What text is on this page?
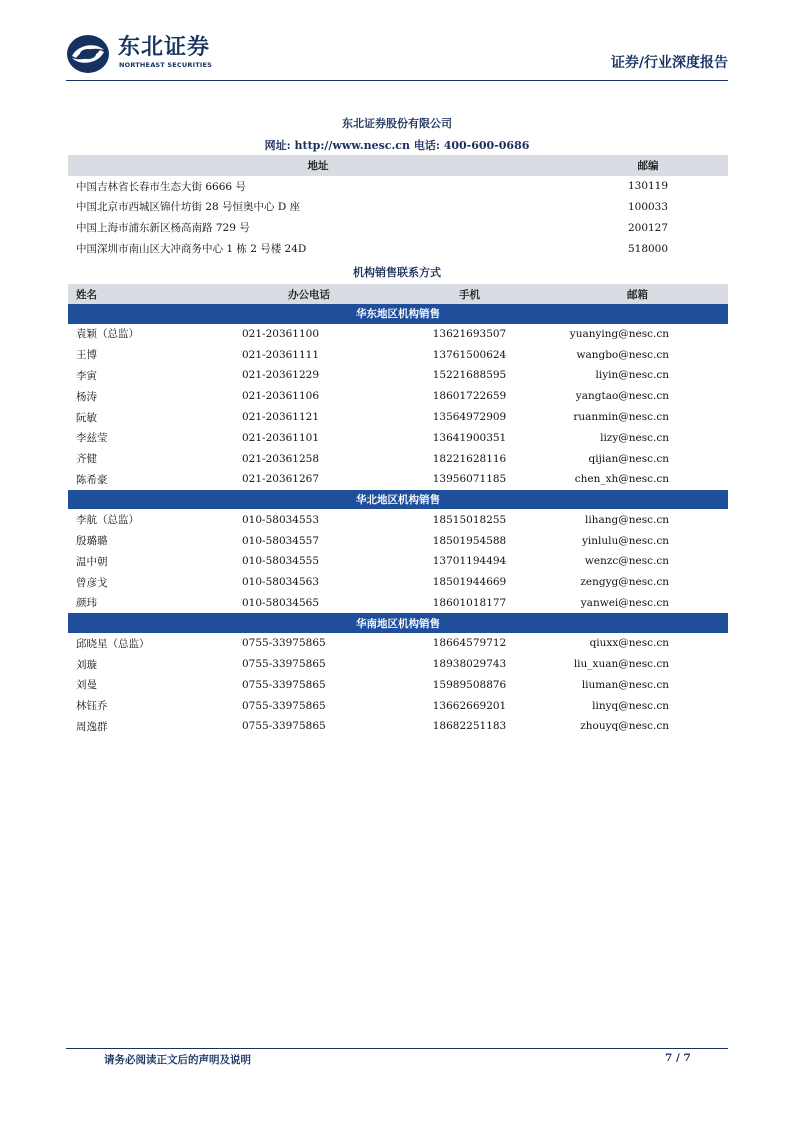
东北证券
NORTHEAST SECURITIES	证券/行业深度报告
东北证券股份有限公司
网址: http://www.nesc.cn 电话: 400-600-0686
地址	邮编
中国吉林省长春市生态大街 6666 号	130119
中国北京市西城区锦什坊街 28 号恒奥中心 D 座	100033
中国上海市浦东新区杨高南路 729 号	200127
中国深圳市南山区大冲商务中心 1 栋 2 号楼 24D	518000
机构销售联系方式
姓名	办公电话	手机	邮箱
华东地区机构销售			
袁颖（总监）	021-20361100	13621693507	yuanying@nesc.cn
王博	021-20361111	13761500624	wangbo@nesc.cn
李寅	021-20361229	15221688595	liyin@nesc.cn
杨涛	021-20361106	18601722659	yangtao@nesc.cn
阮敏	021-20361121	13564972909	ruanmin@nesc.cn
李兹莹	021-20361101	13641900351	lizy@nesc.cn
齐健	021-20361258	18221628116	qijian@nesc.cn
陈希豪	021-20361267	13956071185	chen_xh@nesc.cn
华北地区机构销售			
李航（总监）	010-58034553	18515018255	lihang@nesc.cn
殷璐璐	010-58034557	18501954588	yinlulu@nesc.cn
温中朝	010-58034555	13701194494	wenzc@nesc.cn
曾彦戈	010-58034563	18501944669	zengyg@nesc.cn
颜玮	010-58034565	18601018177	yanwei@nesc.cn
华南地区机构销售			
邱晓星（总监）	0755-33975865	18664579712	qiuxx@nesc.cn
刘璇	0755-33975865	18938029743	liu_xuan@nesc.cn
刘曼	0755-33975865	15989508876	liuman@nesc.cn
林钰乔	0755-33975865	13662669201	linyq@nesc.cn
周逸群	0755-33975865	18682251183	zhouyq@nesc.cn
请务必阅读正文后的声明及说明	7 / 7
